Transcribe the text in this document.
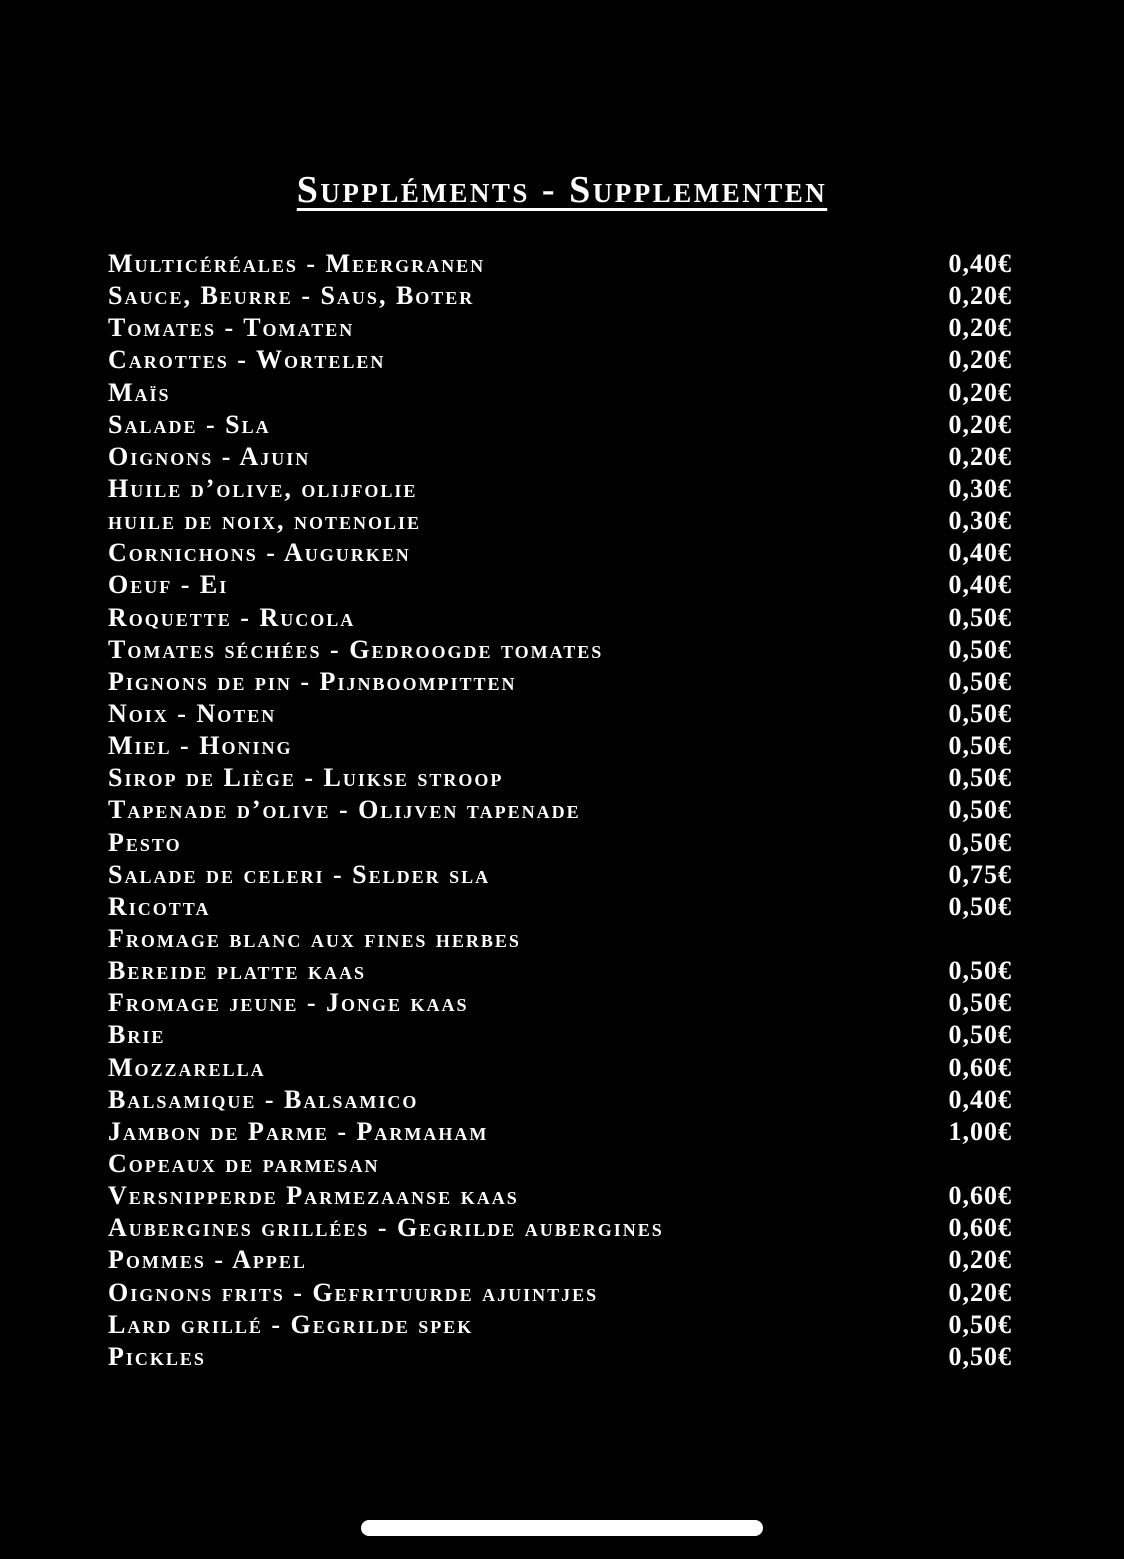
Suppléments - Supplementen
Multicéréales - Meergranen	0,40€
Sauce, Beurre - Saus, Boter	0,20€
Tomates - Tomaten	0,20€
Carottes - Wortelen	0,20€
Maïs	0,20€
Salade - Sla	0,20€
Oignons - Ajuin	0,20€
Huile d’olive, olijfolie	0,30€
huile de noix, notenolie	0,30€
Cornichons - Augurken	0,40€
Oeuf - Ei	0,40€
Roquette - Rucola	0,50€
Tomates séchées - Gedroogde tomates	0,50€
Pignons de pin - Pijnboompitten	0,50€
Noix - Noten	0,50€
Miel - Honing	0,50€
Sirop de Liège - Luikse stroop	0,50€
Tapenade d’olive - Olijven tapenade	0,50€
Pesto	0,50€
Salade de celeri - Selder sla	0,75€
Ricotta	0,50€
Fromage blanc aux fines herbes
Bereide platte kaas	0,50€
Fromage jeune - Jonge kaas	0,50€
Brie	0,50€
Mozzarella	0,60€
Balsamique - Balsamico	0,40€
Jambon de Parme - Parmaham	1,00€
Copeaux de parmesan
Versnipperde Parmezaanse kaas	0,60€
Aubergines grillées - Gegrilde aubergines	0,60€
Pommes - Appel	0,20€
Oignons frits - Gefrituurde ajuintjes	0,20€
Lard grillé - Gegrilde spek	0,50€
Pickles	0,50€
